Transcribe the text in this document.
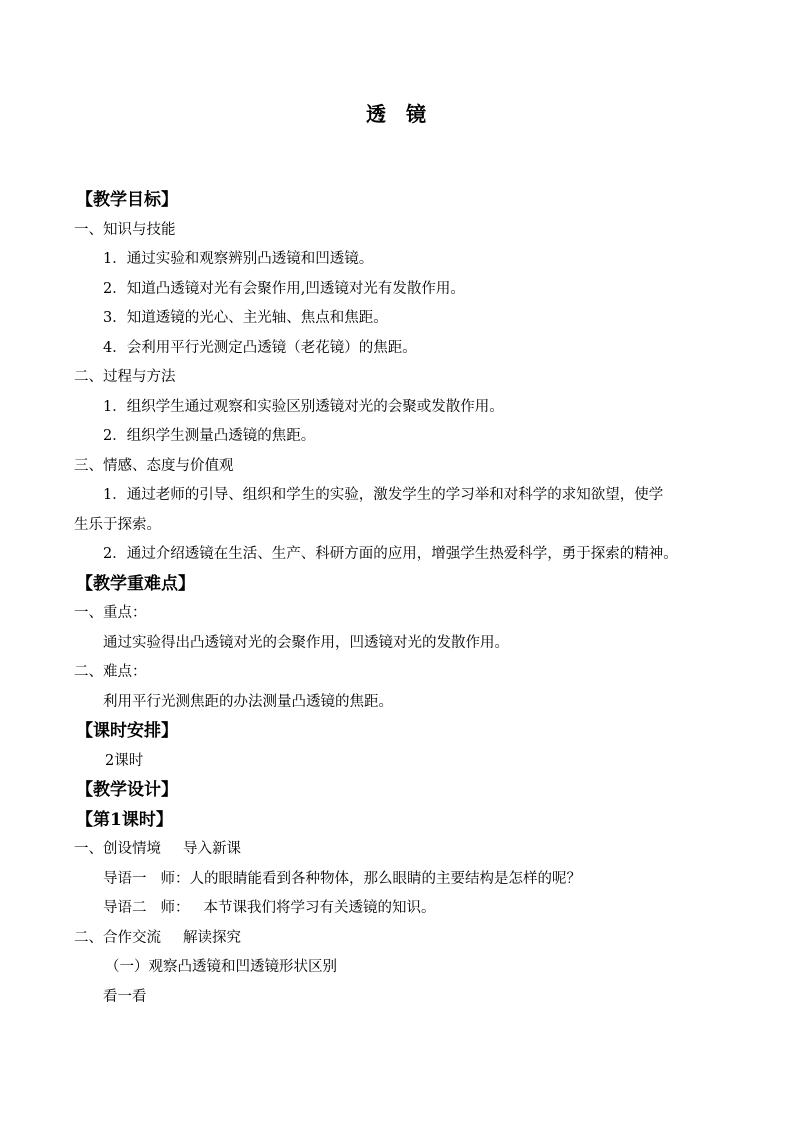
透 镜
【教学目标】
一、知识与技能
1．通过实验和观察辨别凸透镜和凹透镜。
2．知道凸透镜对光有会聚作用,凹透镜对光有发散作用。
3．知道透镜的光心、主光轴、焦点和焦距。
4．会利用平行光测定凸透镜（老花镜）的焦距。
二、过程与方法
1．组织学生通过观察和实验区别透镜对光的会聚或发散作用。
2．组织学生测量凸透镜的焦距。
三、情感、态度与价值观
1．通过老师的引导、组织和学生的实验，激发学生的学习举和对科学的求知欲望，使学
生乐于探索。
2．通过介绍透镜在生活、生产、科研方面的应用，增强学生热爱科学，勇于探索的精神。
【教学重难点】
一、重点：
通过实验得出凸透镜对光的会聚作用，凹透镜对光的发散作用。
二、难点：
利用平行光测焦距的办法测量凸透镜的焦距。
【课时安排】
2课时
【教学设计】
【第1课时】
一、创设情境 导入新课
导语一 师：人的眼睛能看到各种物体，那么眼睛的主要结构是怎样的呢？
导语二 师： 本节课我们将学习有关透镜的知识。
二、合作交流 解读探究
（一）观察凸透镜和凹透镜形状区别
看一看
